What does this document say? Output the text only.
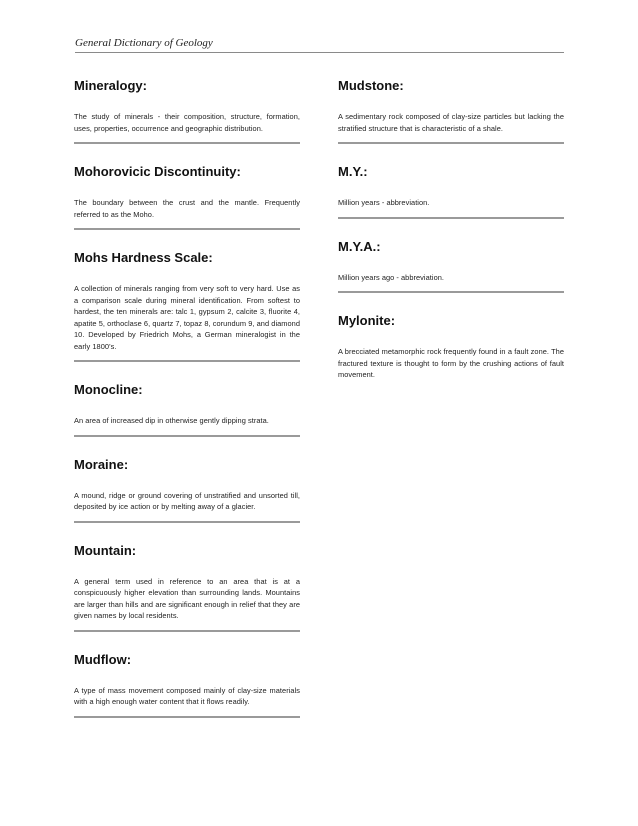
General Dictionary of Geology
Mineralogy:

The study of minerals - their composition, structure, formation, uses, properties, occurrence and geographic distribution.

Mohorovicic Discontinuity:

The boundary between the crust and the mantle. Frequently referred to as the Moho.

Mohs Hardness Scale:

A collection of minerals ranging from very soft to very hard. Use as a comparison scale during mineral identification. From softest to hardest, the ten minerals are: talc 1, gypsum 2, calcite 3, fluorite 4, apatite 5, orthoclase 6, quartz 7, topaz 8, corundum 9, and diamond 10. Developed by Friedrich Mohs, a German mineralogist in the early 1800’s.

Monocline:

An area of increased dip in otherwise gently dipping strata.

Moraine:

A mound, ridge or ground covering of unstratified and unsorted till, deposited by ice action or by melting away of a glacier.

Mountain:

A general term used in reference to an area that is at a conspicuously higher elevation than surrounding lands. Mountains are larger than hills and are significant enough in relief that they are given names by local residents.

Mudflow:

A type of mass movement composed mainly of clay-size materials with a high enough water content that it flows readily.

Mudstone:

A sedimentary rock composed of clay-size particles but lacking the stratified structure that is characteristic of a shale.

M.Y.:

Million years - abbreviation.

M.Y.A.:

Million years ago - abbreviation.

Mylonite:

A brecciated metamorphic rock frequently found in a fault zone. The fractured texture is thought to form by the crushing actions of fault movement.
